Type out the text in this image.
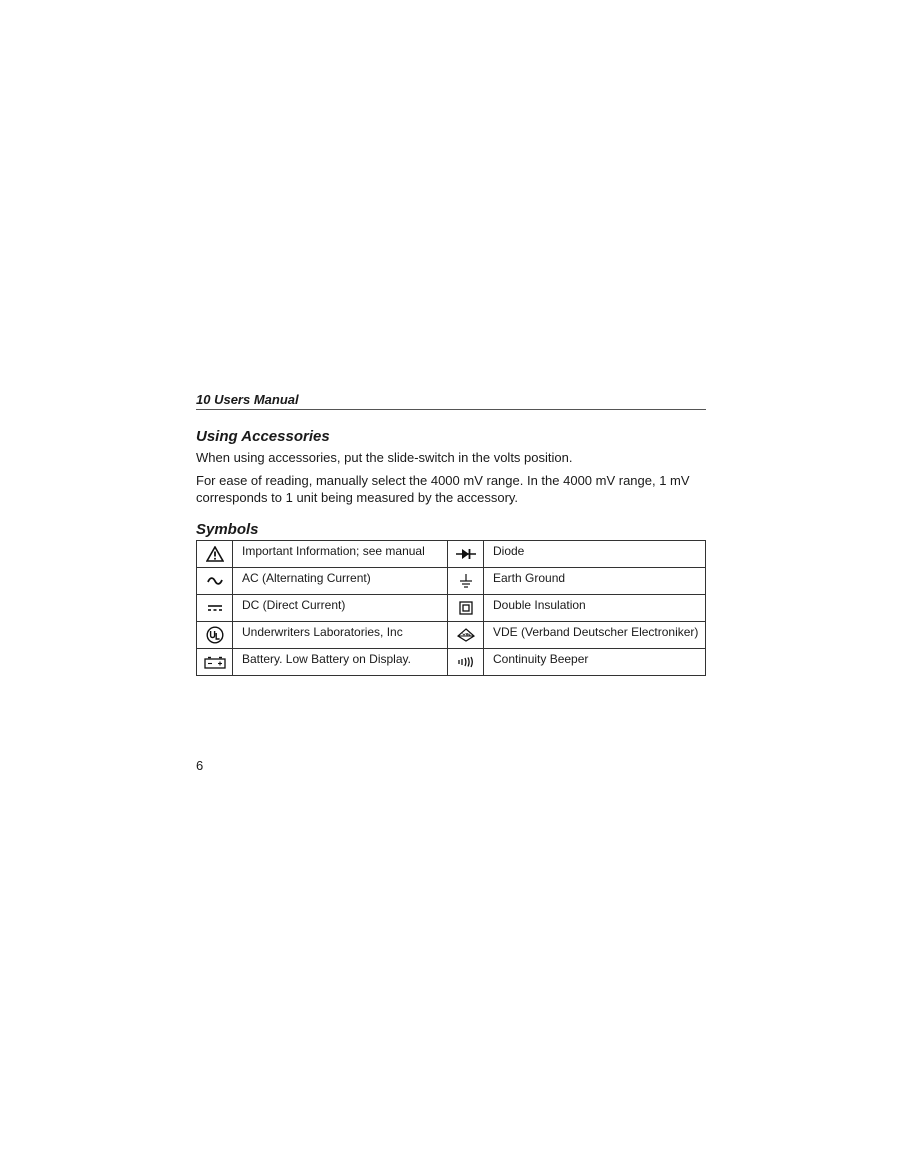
10 Users Manual
Using Accessories

When using accessories, put the slide-switch in the volts position.

For ease of reading, manually select the 4000 mV range. In the 4000 mV range, 1 mV corresponds to 1 unit being measured by the accessory.

Symbols
	Important Information; see manual		Diode

	AC (Alternating Current)		Earth Ground

	DC (Direct Current)		Double Insulation

	Underwriters Laboratories, Inc		VDE (Verband Deutscher Electroniker)

	Battery. Low Battery on Display.		Continuity Beeper
6
